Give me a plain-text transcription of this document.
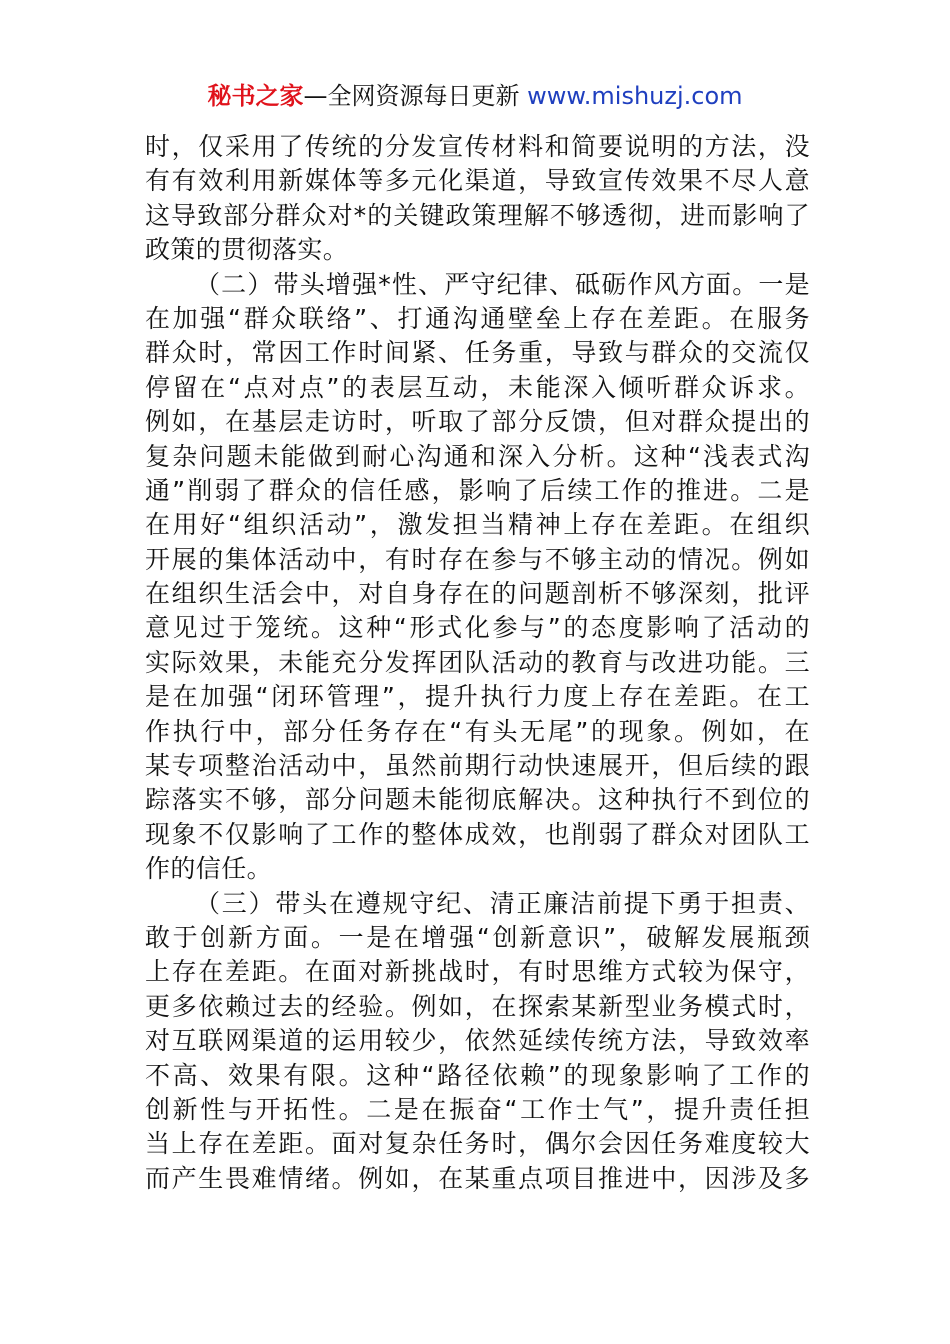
秘书之家—全网资源每日更新 www.mishuzj.com
时，仅采用了传统的分发宣传材料和简要说明的方法，没
有有效利用新媒体等多元化渠道，导致宣传效果不尽人意
这导致部分群众对*的关键政策理解不够透彻，进而影响了
政策的贯彻落实。
（二）带头增强*性、严守纪律、砥砺作风方面。一是
在加强“群众联络”、打通沟通壁垒上存在差距。在服务
群众时，常因工作时间紧、任务重，导致与群众的交流仅
停留在“点对点”的表层互动，未能深入倾听群众诉求。
例如，在基层走访时，听取了部分反馈，但对群众提出的
复杂问题未能做到耐心沟通和深入分析。这种“浅表式沟
通”削弱了群众的信任感，影响了后续工作的推进。二是
在用好“组织活动”，激发担当精神上存在差距。在组织
开展的集体活动中，有时存在参与不够主动的情况。例如
在组织生活会中，对自身存在的问题剖析不够深刻，批评
意见过于笼统。这种“形式化参与”的态度影响了活动的
实际效果，未能充分发挥团队活动的教育与改进功能。三
是在加强“闭环管理”，提升执行力度上存在差距。在工
作执行中，部分任务存在“有头无尾”的现象。例如，在
某专项整治活动中，虽然前期行动快速展开，但后续的跟
踪落实不够，部分问题未能彻底解决。这种执行不到位的
现象不仅影响了工作的整体成效，也削弱了群众对团队工
作的信任。
（三）带头在遵规守纪、清正廉洁前提下勇于担责、
敢于创新方面。一是在增强“创新意识”，破解发展瓶颈
上存在差距。在面对新挑战时，有时思维方式较为保守，
更多依赖过去的经验。例如，在探索某新型业务模式时，
对互联网渠道的运用较少，依然延续传统方法，导致效率
不高、效果有限。这种“路径依赖”的现象影响了工作的
创新性与开拓性。二是在振奋“工作士气”，提升责任担
当上存在差距。面对复杂任务时，偶尔会因任务难度较大
而产生畏难情绪。例如，在某重点项目推进中，因涉及多
